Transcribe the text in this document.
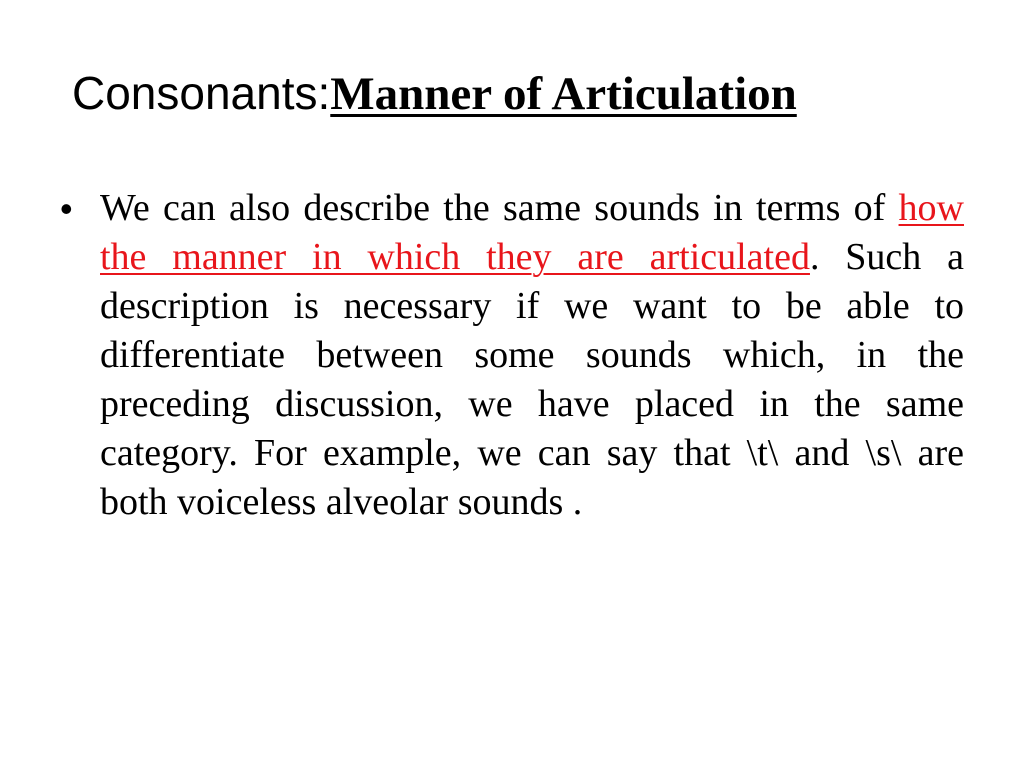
Consonants:Manner of Articulation
• We can also describe the same sounds in terms of how the manner in which they are articulated. Such a description is necessary if we want to be able to differentiate between some sounds which, in the preceding discussion, we have placed in the same category. For example, we can say that \t\ and \s\ are both voiceless alveolar sounds .
